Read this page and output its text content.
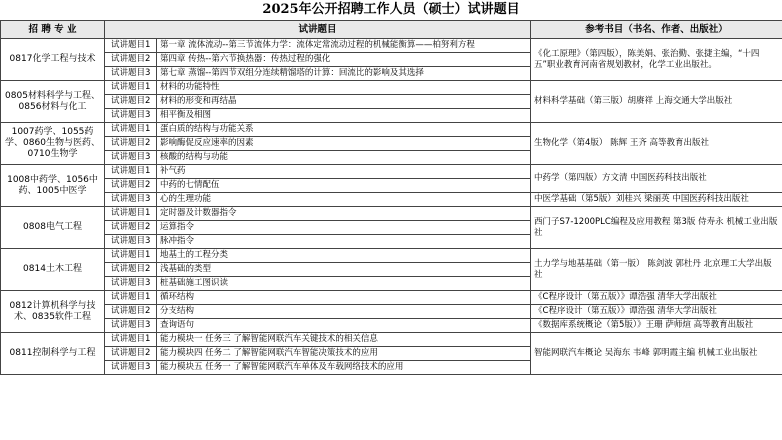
2025年公开招聘工作人员（硕士）试讲题目
招 聘 专 业	试讲题目		参考书目（书名、作者、出版社）
0817化学工程与技术	试讲题目1	第一章 流体流动--第三节流体力学：流体定常流动过程的机械能衡算——柏努利方程	《化工原理》（第四版），陈美娟、张治勤、张捷主编，“十四五”职业教育河南省规划教材，化学工业出版社。
	试讲题目2	第四章 传热--第六节换热器：传热过程的强化	
	试讲题目3	第七章 蒸馏--第四节双组分连续精馏塔的计算：回流比的影响及其选择	
0805材料科学与工程、0856材料与化工	试讲题目1	材料的功能特性	材料科学基础（第三版）胡赓祥 上海交通大学出版社
	试讲题目2	材料的形变和再结晶	
	试讲题目3	相平衡及相图	
1007药学、1055药学、0860生物与医药、0710生物学	试讲题目1	蛋白质的结构与功能关系	生物化学（第4版） 陈辉 王齐 高等教育出版社
	试讲题目2	影响酶促反应速率的因素	
	试讲题目3	核酸的结构与功能	
1008中药学、1056中药、1005中医学	试讲题目1	补气药	中药学（第四版）方文清 中国医药科技出版社
	试讲题目2	中药的七情配伍	
	试讲题目3	心的生理功能	中医学基础（第5版）刘桂兴 梁丽英 中国医药科技出版社
0808电气工程	试讲题目1	定时器及计数器指令	西门子S7-1200PLC编程及应用教程 第3版 侍寿永 机械工业出版社
	试讲题目2	运算指令	
	试讲题目3	脉冲指令	
0814土木工程	试讲题目1	地基土的工程分类	土力学与地基基础（第一版） 陈剑波 郭杜丹 北京理工大学出版社
	试讲题目2	浅基础的类型	
	试讲题目3	桩基础施工图识读	
0812计算机科学与技术、0835软件工程	试讲题目1	循环结构	《C程序设计（第五版）》谭浩强 清华大学出版社
	试讲题目2	分支结构	《C程序设计（第五版）》谭浩强 清华大学出版社
	试讲题目3	查询语句	《数据库系统概论（第5版）》王珊 萨师煊 高等教育出版社
0811控制科学与工程	试讲题目1	能力模块一 任务三 了解智能网联汽车关键技术的相关信息	智能网联汽车概论 吴海东 韦峰 郭明霞主编 机械工业出版社
	试讲题目2	能力模块四 任务二 了解智能网联汽车智能决策技术的应用	
	试讲题目3	能力模块五 任务一 了解智能网联汽车单体及车载网络技术的应用	
